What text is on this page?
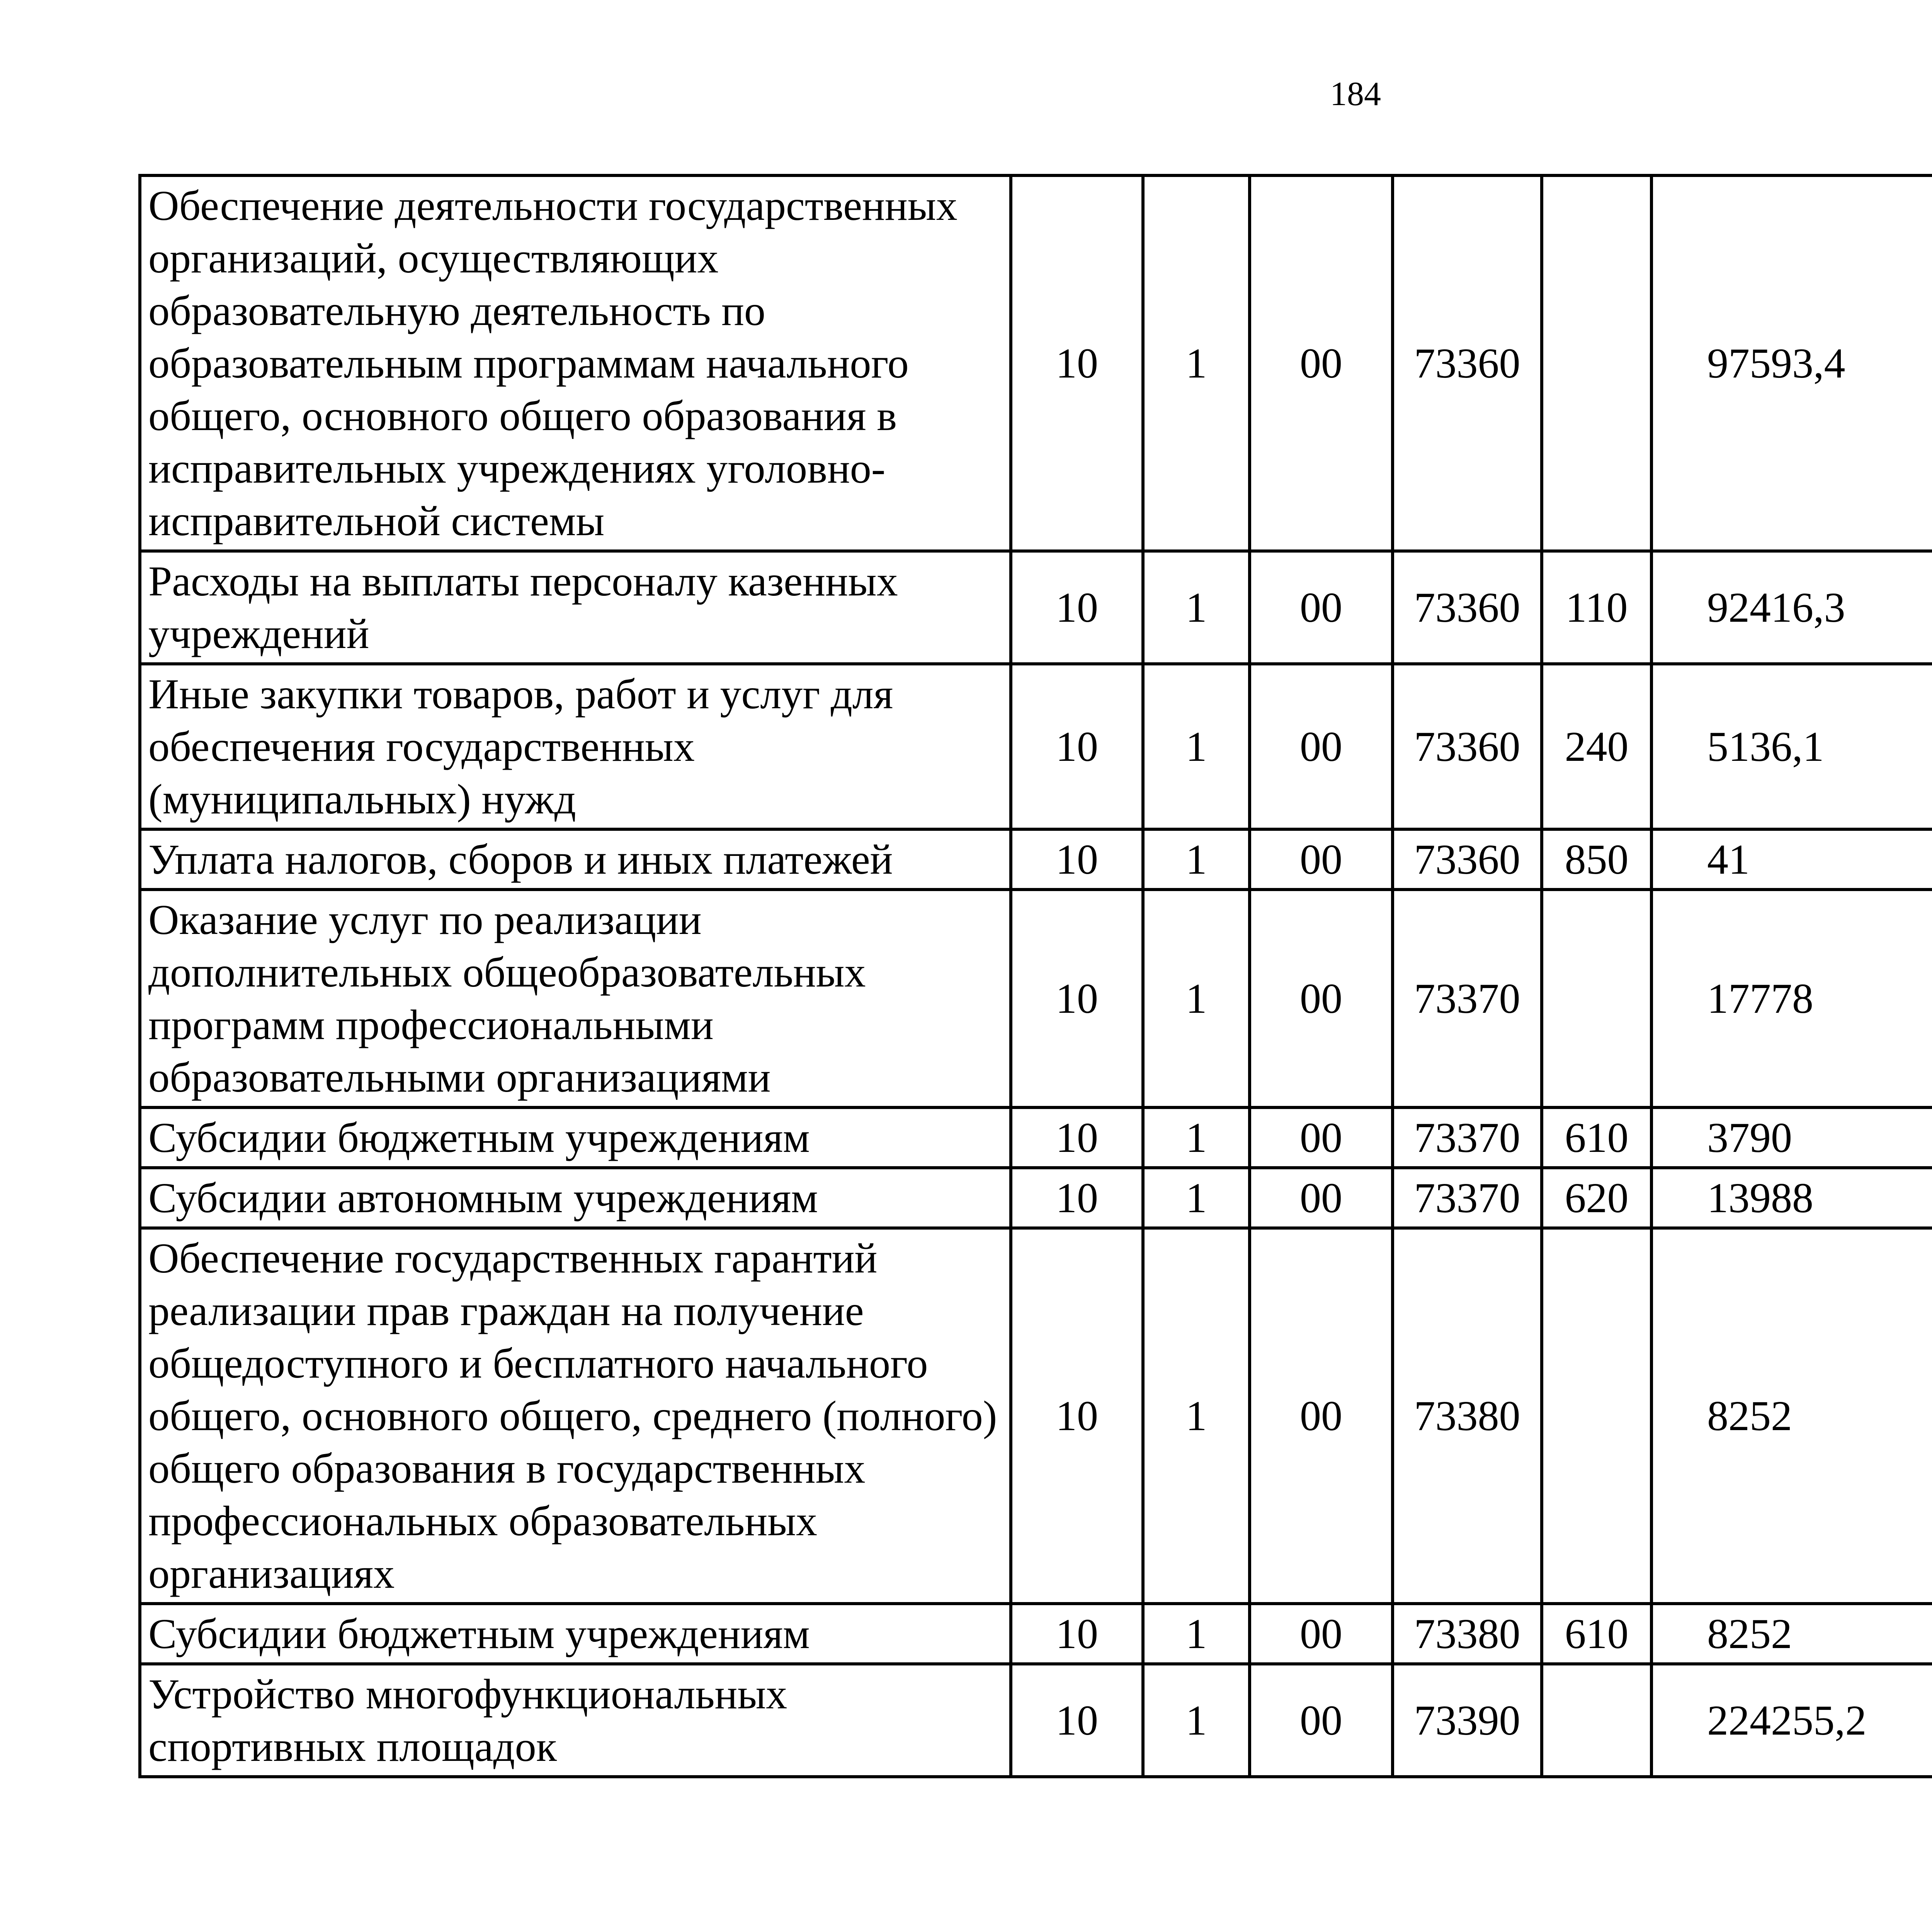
184
Обеспечение деятельности государственных организаций, осуществляющих образовательную деятельность по образовательным программам начального общего, основного общего образования в исправительных учреждениях уголовно-исправительной системы	10	1	00	73360		97593,4		
Расходы на выплаты персоналу казенных учреждений	10	1	00	73360	110	92416,3		
Иные закупки товаров, работ и услуг для обеспечения государственных (муниципальных) нужд	10	1	00	73360	240	5136,1		
Уплата налогов, сборов и иных платежей	10	1	00	73360	850	41		
Оказание услуг по реализации дополнительных общеобразовательных программ профессиональными образовательными организациями	10	1	00	73370		17778		
Субсидии бюджетным учреждениям	10	1	00	73370	610	3790		
Субсидии автономным учреждениям	10	1	00	73370	620	13988		
Обеспечение государственных гарантий реализации прав граждан на получение общедоступного и бесплатного начального общего, основного общего, среднего (полного) общего образования в государственных профессиональных образовательных организациях	10	1	00	73380		8252		
Субсидии бюджетным учреждениям	10	1	00	73380	610	8252		
Устройство многофункциональных спортивных площадок	10	1	00	73390		224255,2		
